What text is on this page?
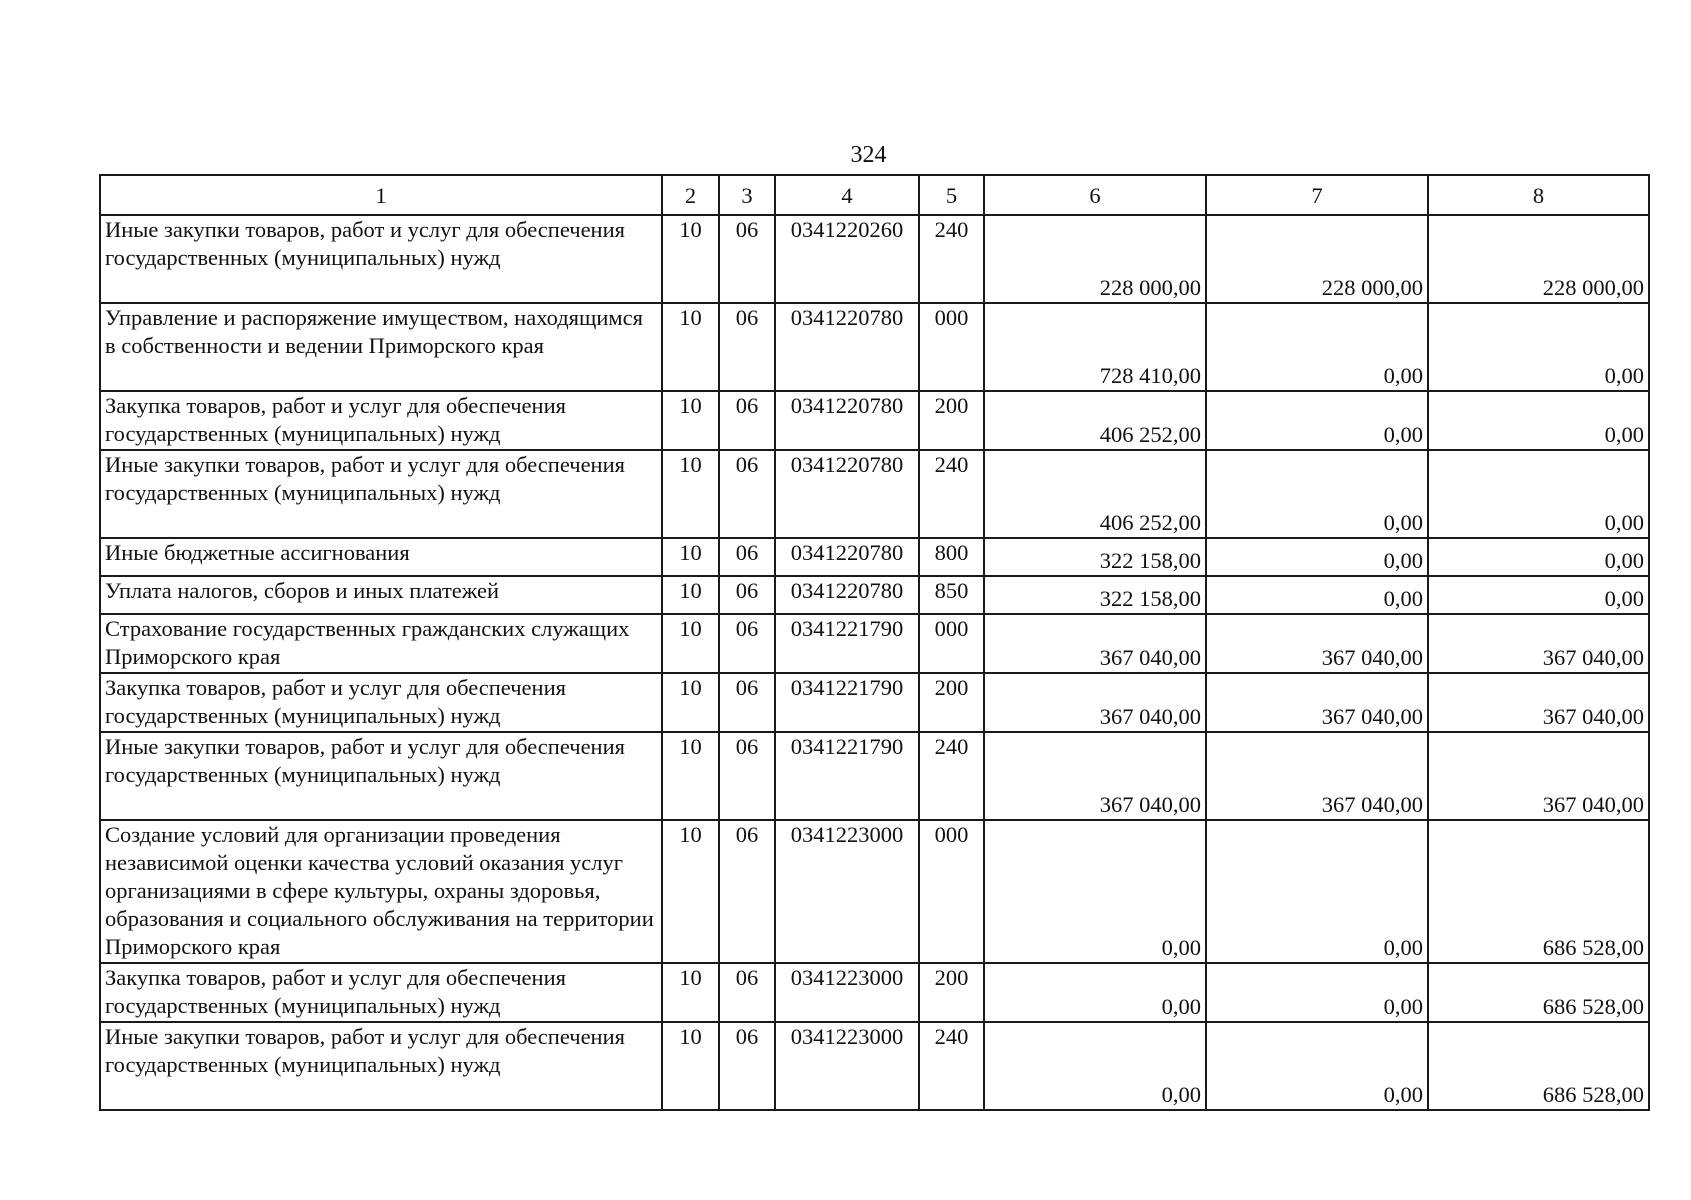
324
1	2	3	4	5	6	7	8
Иные закупки товаров, работ и услуг для обеспечения государственных (муниципальных) нужд	10	06	0341220260	240	228 000,00	228 000,00	228 000,00
Управление и распоряжение имуществом, находящимся в собственности и ведении Приморского края	10	06	0341220780	000	728 410,00	0,00	0,00
Закупка товаров, работ и услуг для обеспечения государственных (муниципальных) нужд	10	06	0341220780	200	406 252,00	0,00	0,00
Иные закупки товаров, работ и услуг для обеспечения государственных (муниципальных) нужд	10	06	0341220780	240	406 252,00	0,00	0,00
Иные бюджетные ассигнования	10	06	0341220780	800	322 158,00	0,00	0,00
Уплата налогов, сборов и иных платежей	10	06	0341220780	850	322 158,00	0,00	0,00
Страхование государственных гражданских служащих Приморского края	10	06	0341221790	000	367 040,00	367 040,00	367 040,00
Закупка товаров, работ и услуг для обеспечения государственных (муниципальных) нужд	10	06	0341221790	200	367 040,00	367 040,00	367 040,00
Иные закупки товаров, работ и услуг для обеспечения государственных (муниципальных) нужд	10	06	0341221790	240	367 040,00	367 040,00	367 040,00
Создание условий для организации проведения независимой оценки качества условий оказания услуг организациями в сфере культуры, охраны здоровья, образования и социального обслуживания на территории Приморского края	10	06	0341223000	000	0,00	0,00	686 528,00
Закупка товаров, работ и услуг для обеспечения государственных (муниципальных) нужд	10	06	0341223000	200	0,00	0,00	686 528,00
Иные закупки товаров, работ и услуг для обеспечения государственных (муниципальных) нужд	10	06	0341223000	240	0,00	0,00	686 528,00
